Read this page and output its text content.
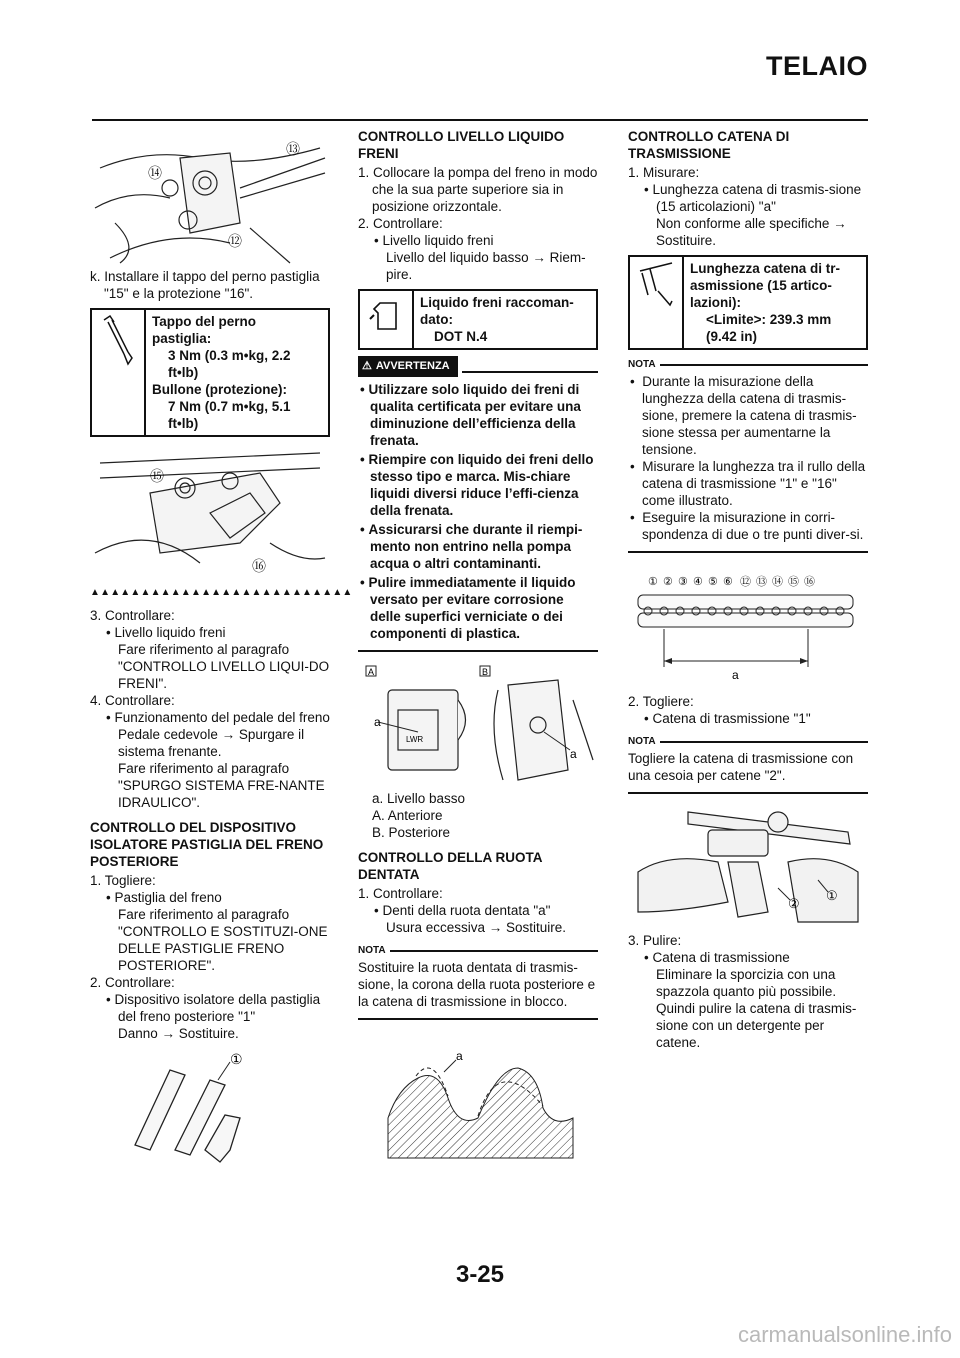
TELAIO
⑬
⑭
⑫

k. Installare il tappo del perno pastiglia "15" e la protezione "16".

Tappo del perno
pastiglia:
3 Nm (0.3 m•kg, 2.2
ft•lb)
Bullone (protezione):
7 Nm (0.7 m•kg, 5.1
ft•lb)
⑮
⑯
▲▲▲▲▲▲▲▲▲▲▲▲▲▲▲▲▲▲▲▲▲▲▲▲▲▲

3. Controllare:

• Livello liquido freni

Fare riferimento al paragrafo "CONTROLLO LIVELLO LIQUI-DO FRENI".

4. Controllare:

• Funzionamento del pedale del freno

Pedale cedevole → Spurgare il sistema frenante.

Fare riferimento al paragrafo "SPURGO SISTEMA FRE-NANTE IDRAULICO".

CONTROLLO DEL DISPOSITIVO ISOLATORE PASTIGLIA DEL FRENO POSTERIORE

1. Togliere:

• Pastiglia del freno

Fare riferimento al paragrafo "CONTROLLO E SOSTITUZI-ONE DELLE PASTIGLIE FRENO POSTERIORE".

2. Controllare:

• Dispositivo isolatore della pastiglia del freno posteriore "1"

Danno → Sostituire.

①
CONTROLLO LIVELLO LIQUIDO FRENI

1. Collocare la pompa del freno in modo che la sua parte superiore sia in posizione orizzontale.

2. Controllare:

• Livello liquido freni

Livello del liquido basso → Riem-pire.

Liquido freni raccoman-
dato:
DOT N.4
⚠ AVVERTENZA

• Utilizzare solo liquido dei freni di qualita certificata per evitare una diminuzione dell’efficienza della frenata.

• Riempire con liquido dei freni dello stesso tipo e marca. Mis-chiare liquidi diversi riduce l’effi-cienza della frenata.

• Assicurarsi che durante il riempi-mento non entrino nella pompa acqua o altri contaminanti.

• Pulire immediatamente il liquido versato per evitare corrosione delle superfici verniciate o dei componenti di plastica.

A	B
LWR
a
a

a. Livello basso

A. Anteriore

B. Posteriore

CONTROLLO DELLA RUOTA DENTATA

1. Controllare:

• Denti della ruota dentata "a"

Usura eccessiva → Sostituire.

NOTA

Sostituire la ruota dentata di trasmis-sione, la corona della ruota posteriore e la catena di trasmissione in blocco.

a
CONTROLLO CATENA DI TRASMISSIONE

1. Misurare:

• Lunghezza catena di trasmis-sione (15 articolazioni) "a"

Non conforme alle specifiche → Sostituire.

Lunghezza catena di tr-
asmissione (15 artico-
lazioni):
<Limite>: 239.3 mm
(9.42 in)
NOTA

•  Durante la misurazione della lunghezza della catena di trasmis-sione, premere la catena di trasmis-sione stessa per aumentarne la tensione.

•  Misurare la lunghezza tra il rullo della catena di trasmissione "1" e "16" come illustrato.

•  Eseguire la misurazione in corri-spondenza di due o tre punti diver-si.

① ② ③ ④ ⑤ ⑥ ⑫ ⑬ ⑭ ⑮ ⑯
a

2. Togliere:

• Catena di trasmissione "1"

NOTA

Togliere la catena di trasmissione con una cesoia per catene "2".

②
①

3. Pulire:

• Catena di trasmissione

Eliminare la sporcizia con una spazzola quanto più possibile. Quindi pulire la catena di trasmis-sione con un detergente per catene.

3-25
carmanualsonline.info
